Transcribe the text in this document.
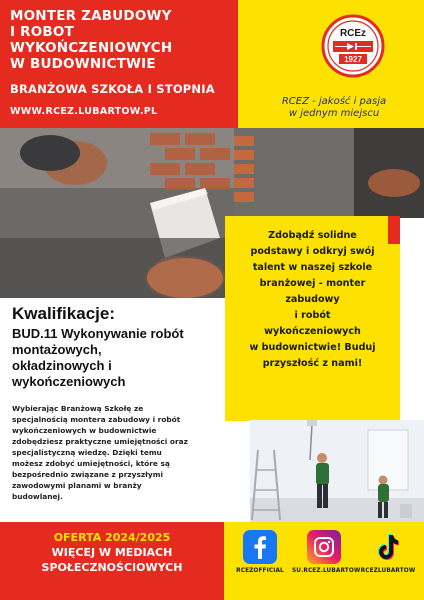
MONTER ZABUDOWY
I ROBOT WYKOŃCZENIOWYCH
W BUDOWNICTWIE
BRANŻOWA SZKOŁA I STOPNIA
WWW.RCEZ.LUBARTOW.PL
RCEz
1927
RCEZ - jakość i pasja
w jednym miejscu
Zdobądź solidne
podstawy i odkryj swój
talent w naszej szkole
branżowej - monter
zabudowy
i robót
wykończeniowych
w budownictwie! Buduj
przyszłość z nami!
Kwalifikacje:
BUD.11 Wykonywanie robót
montażowych,
okładzinowych i
wykończeniowych
Wybierając Branżową Szkołę ze
specjalnością montera zabudowy i robót
wykończeniowych w budownictwie
zdobędziesz praktyczne umiejętności oraz
specjalistyczną wiedzę. Dzięki temu
możesz zdobyć umiejętności, które są
bezpośrednio związane z przyszłymi
zawodowymi planami w branży
budowlanej.
OFERTA 2024/2025
WIĘCEJ W MEDIACH
SPOŁECZNOŚCIOWYCH	RCEZOFFICIAL	SU.RCEZ.LUBARTOW RCEZLUBARTOW
